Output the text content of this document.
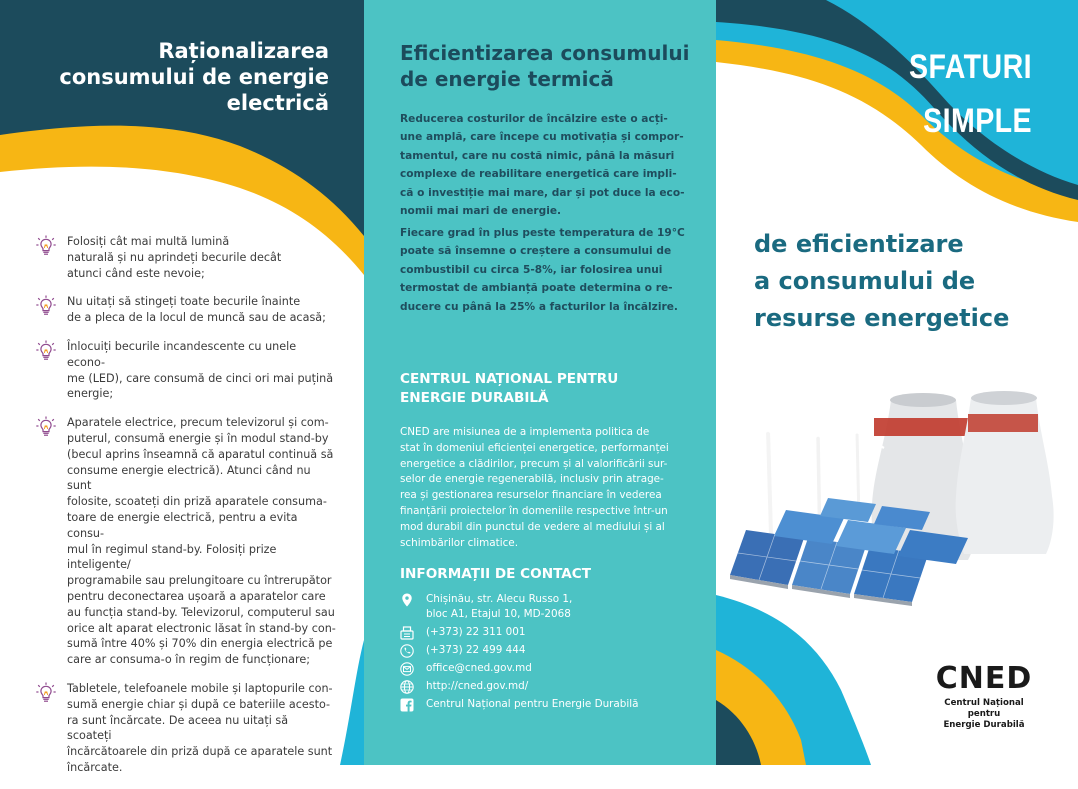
Raționalizarea consumului de energie electrică
Folosiți cât mai multă lumină
naturală și nu aprindeți becurile decât
atunci când este nevoie;
Nu uitați să stingeți toate becurile înainte
de a pleca de la locul de muncă sau de acasă;
Înlocuiți becurile incandescente cu unele econo-
me (LED), care consumă de cinci ori mai puțină
energie;
Aparatele electrice, precum televizorul și com-
puterul, consumă energie și în modul stand-by
(becul aprins înseamnă că aparatul continuă să
consume energie electrică). Atunci când nu sunt
folosite, scoateți din priză aparatele consuma-
toare de energie electrică, pentru a evita consu-
mul în regimul stand-by. Folosiți prize inteligente/
programabile sau prelungitoare cu întrerupător
pentru deconectarea ușoară a aparatelor care
au funcția stand-by. Televizorul, computerul sau
orice alt aparat electronic lăsat în stand-by con-
sumă între 40% și 70% din energia electrică pe
care ar consuma-o în regim de funcționare;
Tabletele, telefoanele mobile și laptopurile con-
sumă energie chiar și după ce bateriile acesto-
ra sunt încărcate. De aceea nu uitați să scoateți
încărcătoarele din priză după ce aparatele sunt
încărcate.
Eficientizarea consumului
de energie termică
Reducerea costurilor de încălzire este o acți-
une amplă, care începe cu motivația și compor-
tamentul, care nu costă nimic, până la măsuri
complexe de reabilitare energetică care impli-
că o investiție mai mare, dar și pot duce la eco-
nomii mai mari de energie.
Fiecare grad în plus peste temperatura de 19°C
poate să însemne o creștere a consumului de
combustibil cu circa 5-8%, iar folosirea unui
termostat de ambianță poate determina o re-
ducere cu până la 25% a facturilor la încălzire.
CENTRUL NAȚIONAL PENTRU
ENERGIE DURABILĂ
CNED are misiunea de a implementa politica de
stat în domeniul eficienței energetice, performanței
energetice a clădirilor, precum și al valorificării sur-
selor de energie regenerabilă, inclusiv prin atrage-
rea și gestionarea resurselor financiare în vederea
finanțării proiectelor în domeniile respective într-un
mod durabil din punctul de vedere al mediului și al
schimbărilor climatice.
INFORMAȚII DE CONTACT
Chișinău, str. Alecu Russo 1,
bloc A1, Etajul 10, MD-2068
(+373) 22 311 001
(+373) 22 499 444
office@cned.gov.md
http://cned.gov.md/
Centrul Național pentru Energie Durabilă
SFATURI
SIMPLE
de eficientizare
a consumului de
resurse energetice
CNED
Centrul Național pentru
Energie Durabilă
